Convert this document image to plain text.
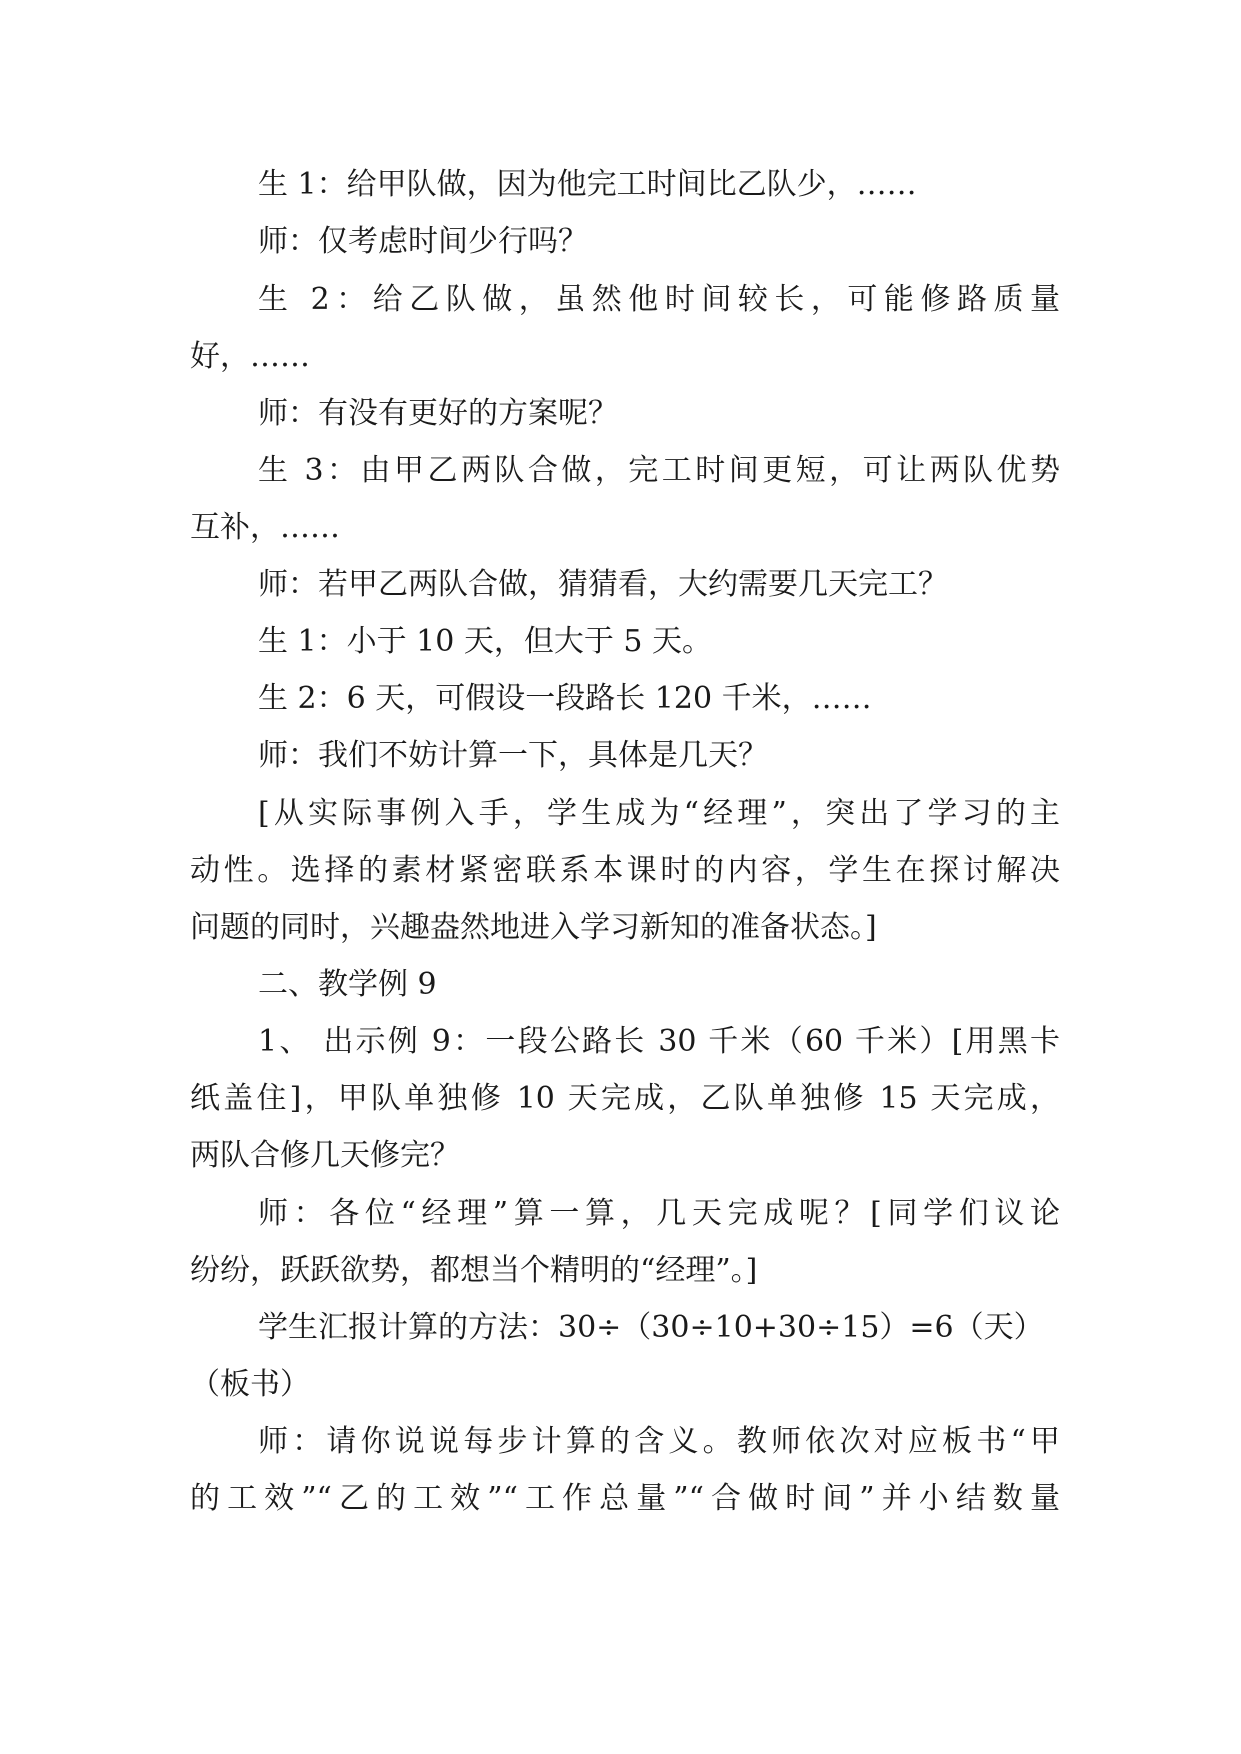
生 1：给甲队做，因为他完工时间比乙队少，……
师：仅考虑时间少行吗？
生 2：给乙队做，虽然他时间较长，可能修路质量
好，……
师：有没有更好的方案呢？
生 3：由甲乙两队合做，完工时间更短，可让两队优势
互补，……
师：若甲乙两队合做，猜猜看，大约需要几天完工？
生 1：小于 10 天，但大于 5 天。
生 2：6 天，可假设一段路长 120 千米，……
师：我们不妨计算一下，具体是几天？
[从实际事例入手，学生成为“经理”，突出了学习的主
动性。选择的素材紧密联系本课时的内容，学生在探讨解决
问题的同时，兴趣盎然地进入学习新知的准备状态。]
二、教学例 9
1、 出示例 9：一段公路长 30 千米（60 千米）[用黑卡
纸盖住]，甲队单独修 10 天完成，乙队单独修 15 天完成，
两队合修几天修完？
师：各位“经理”算一算，几天完成呢？[同学们议论
纷纷，跃跃欲势，都想当个精明的“经理”。]
学生汇报计算的方法：30÷（30÷10+30÷15）=6（天）
（板书）
师：请你说说每步计算的含义。教师依次对应板书“甲
的工效”“乙的工效”“工作总量”“合做时间”并小结数量
